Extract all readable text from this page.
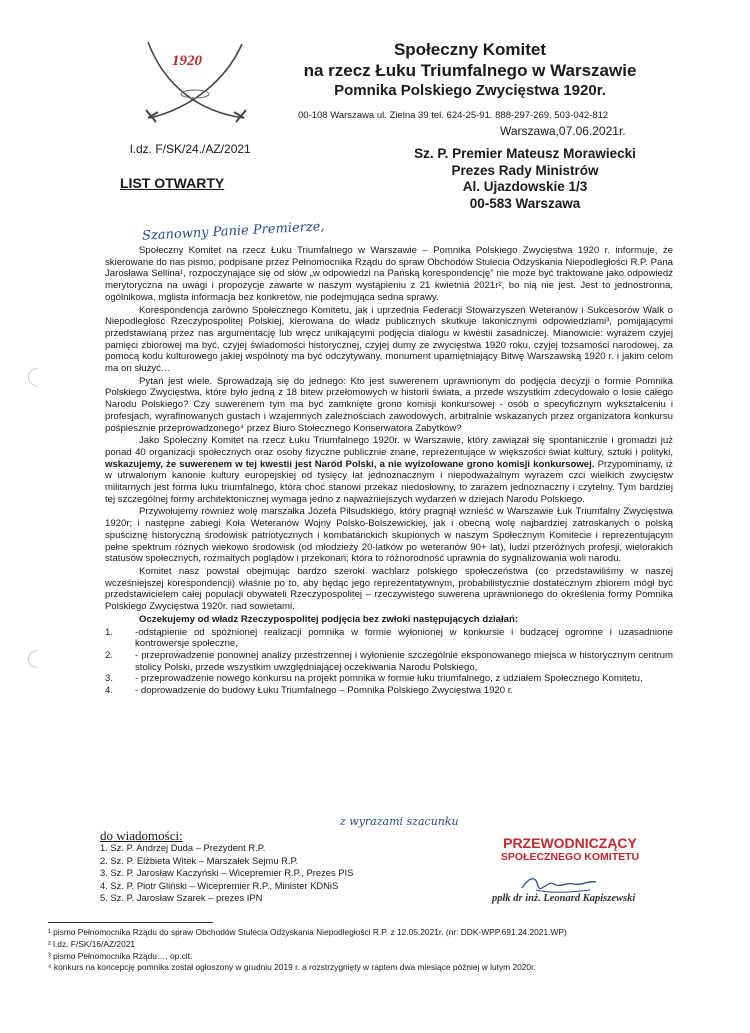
1920
Społeczny Komitet
na rzecz Łuku Triumfalnego w Warszawie
Pomnika Polskiego Zwycięstwa 1920r.
00-108 Warszawa ul. Zielna 39 tel. 624-25-91. 888-297-269. 503-042-812
Warszawa,07.06.2021r.
l.dz. F/SK/24./AZ/2021
LIST OTWARTY
Sz. P. Premier Mateusz Morawiecki
Prezes Rady Ministrów
Al. Ujazdowskie 1/3
00-583 Warszawa
Szanowny Panie Premierze,

Społeczny Komitet na rzecz Łuku Triumfalnego w Warszawie – Pomnika Polskiego Zwycięstwa 1920 r. informuje, że skierowane do nas pismo, podpisane przez Pełnomocnika Rządu do spraw Obchodów Stulecia Odzyskania Niepodległości R.P. Pana Jarosława Sellina¹, rozpoczynające się od słów „w odpowiedzi na Pańską korespondencję” nie może być traktowane jako odpowiedź merytoryczna na uwagi i propozycje zawarte w naszym wystąpieniu z 21 kwietnia 2021r², bo nią nie jest. Jest to jednostronna, ogólnikowa, mglista informacja bez konkretów, nie podejmująca sedna sprawy.

Korespondencja zarówno Społecznego Komitetu, jak i uprzednia Federacji Stowarzyszeń Weteranów i Sukcesorów Walk o Niepodległość Rzeczypospolitej Polskiej, kierowana do władz publicznych skutkuje lakonicznymi odpowiedziami³, pomijającymi przedstawianą przez nas argumentację lub wręcz unikającymi podjęcia dialogu w kwestii zasadniczej. Mianowicie: wyrazem czyjej pamięci zbiorowej ma być, czyjej świadomości historycznej, czyjej dumy ze zwycięstwa 1920 roku, czyjej tożsamości narodowej, za pomocą kodu kulturowego jakiej wspólnoty ma być odczytywany, monument upamiętniający Bitwę Warszawską 1920 r. i jakim celom ma on służyć…

Pytań jest wiele. Sprowadzają się do jednego: Kto jest suwerenem uprawnionym do podjęcia decyzji o formie Pomnika Polskiego Zwycięstwa, które było jedną z 18 bitew przełomowych w historii świata, a przede wszystkim zdecydowało o losie całego Narodu Polskiego? Czy suwerenem tym ma być zamknięte grono komisji konkursowej - osób o specyficznym wykształceniu i profesjach, wyrafinowanych gustach i wzajemnych zależnościach zawodowych, arbitralnie wskazanych przez organizatora konkursu pośpiesznie przeprowadzonego⁴ przez Biuro Stołecznego Konserwatora Zabytków?

Jako Społeczny Komitet na rzecz Łuku Triumfalnego 1920r. w Warszawie, który zawiązał się spontanicznie i gromadzi już ponad 40 organizacji społecznych oraz osoby fizyczne publicznie znane, reprezentujące w większości świat kultury, sztuki i polityki, wskazujemy, że suwerenem w tej kwestii jest Naród Polski, a nie wyizolowane grono komisji konkursowej. Przypominamy, iż w utrwalonym kanonie kultury europejskiej od tysięcy lat jednoznacznym i niepodważalnym wyrazem czci wielkich zwycięstw militarnych jest forma łuku triumfalnego, która choć stanowi przekaz niedosłowny, to zarazem jednoznaczny i czytelny. Tym bardziej tej szczególnej formy architektonicznej wymaga jedno z najważniejszych wydarzeń w dziejach Narodu Polskiego.

Przywołujemy również wolę marszałka Józefa Piłsudskiego, który pragnął wznieść w Warszawie Łuk Triumfalny Zwycięstwa 1920r; i następne zabiegi Koła Weteranów Wojny Polsko-Bolszewickiej, jak i obecną wolę najbardziej zatroskanych o polską spuściznę historyczną środowisk patriotycznych i kombatanckich skupionych w naszym Społecznym Komitecie i reprezentującym pełne spektrum różnych wiekowo środowisk (od młodzieży 20-latków po weteranów 90+ lat), ludzi przeróżnych profesji, wielorakich statusów społecznych, rozmaitych poglądów i przekonań; która to różnorodność uprawnia do sygnalizowania woli narodu.

Komitet nasz powstał obejmując bardzo szeroki wachlarz polskiego społeczeństwa (co przedstawiliśmy w naszej wcześniejszej korespondencji) właśnie po to, aby będąc jego reprezentatywnym, probabilistycznie dostatecznym zbiorem mógł być przedstawicielem całej populacji obywateli Rzeczypospolitej – rzeczywistego suwerena uprawnionego do określenia formy Pomnika Polskiego Zwycięstwa 1920r. nad sowietami.

Oczekujemy od władz Rzeczypospolitej podjęcia bez zwłoki następujących działań:

1. -odstąpienie od spóźnionej realizacji pomnika w formie wyłonionej w konkursie i budzącej ogromne i uzasadnione kontrowersje społeczne,
2. - przeprowadzenie ponownej analizy przestrzennej i wyłonienie szczególnie eksponowanego miejsca w historycznym centrum stolicy Polski, przede wszystkim uwzględniającej oczekiwania Narodu Polskiego,
3. - przeprowadzenie nowego konkursu na projekt pomnika w formie łuku triumfalnego, z udziałem Społecznego Komitetu,
4. - doprowadzenie do budowy Łuku Triumfalnego – Pomnika Polskiego Zwycięstwa 1920 r.
z wyrazami szacunku
do wiadomości:
1. Sz. P. Andrzej Duda – Prezydent R.P.
2. Sz. P. Elżbieta Witek – Marszałek Sejmu R.P.
3. Sz. P. Jarosław Kaczyński – Wicepremier R.P., Prezes PIS
4. Sz. P. Piotr Gliński – Wicepremier R.P., Minister KDNiS
5. Sz. P. Jarosław Szarek – prezes IPN
PRZEWODNICZĄCY
SPOŁECZNEGO KOMITETU
ppłk dr inż. Leonard Kapiszewski
¹ pismo Pełnomocnika Rządu do spraw Obchodów Stulecia Odzyskania Niepodległości R.P. z 12.05.2021r. (nr: DDK-WPP.691.24.2021.WP)
² l.dz. F/SK/16/AZ/2021
³ pismo Pełnomocnika Rządu…, op.cit.
⁴ konkurs na koncepcję pomnika został ogłoszony w grudniu 2019 r. a rozstrzygnięty w raptem dwa miesiące później w lutym 2020r.
